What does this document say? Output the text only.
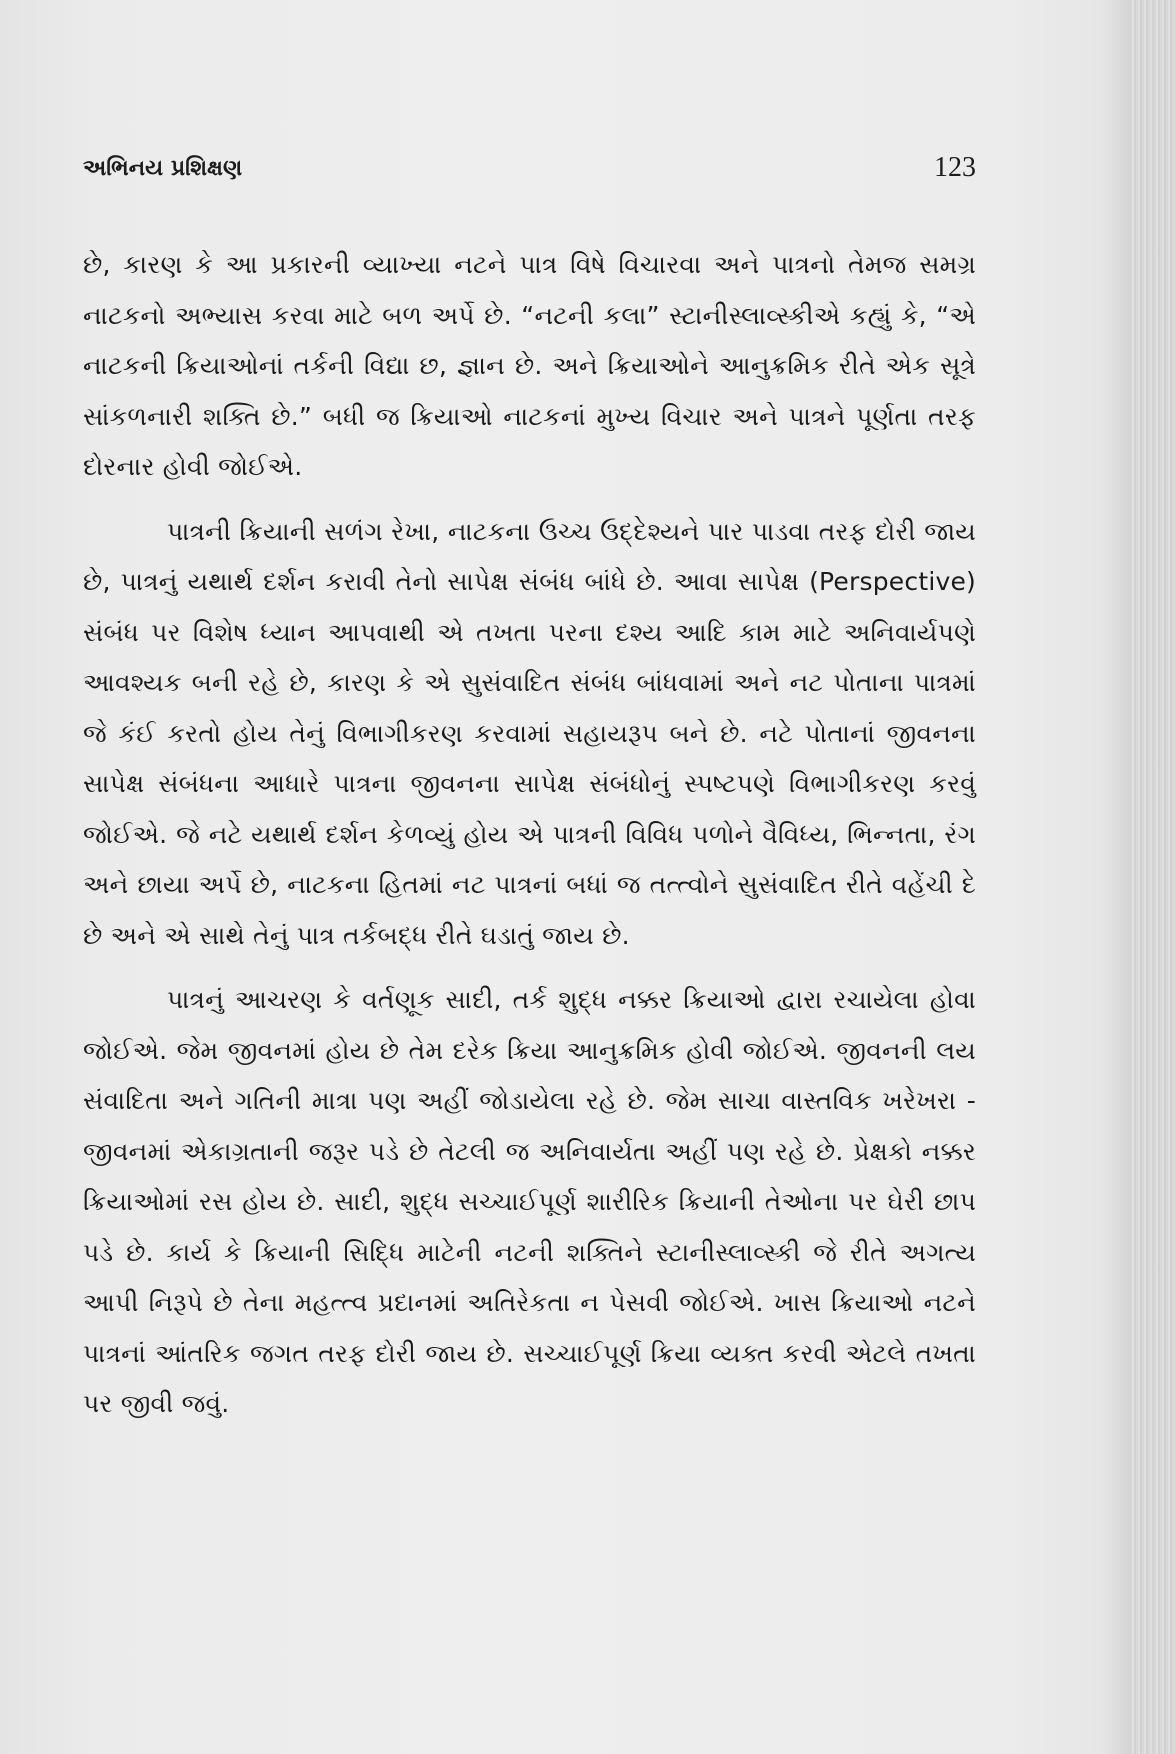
અભિનય પ્રશિક્ષણ	123

છે, કારણ કે આ પ્રકારની વ્યાખ્યા નટને પાત્ર વિષે વિચારવા અને પાત્રનો તેમજ સમગ્ર નાટકનો અભ્યાસ કરવા માટે બળ અર્પે છે. “નટની કલા” સ્ટાનીસ્લાવ્સ્કીએ કહ્યું કે, “એ નાટકની ક્રિયાઓનાં તર્કની વિદ્યા છ, જ્ઞાન છે. અને ક્રિયાઓને આનુક્રમિક રીતે એક સૂત્રે સાંકળનારી શક્તિ છે.” બધી જ ક્રિયાઓ નાટકનાં મુખ્ય વિચાર અને પાત્રને પૂર્ણતા તરફ દોરનાર હોવી જોઈએ.

પાત્રની ક્રિયાની સળંગ રેખા, નાટકના ઉચ્ચ ઉદ્દેશ્યને પાર પાડવા તરફ દોરી જાય છે, પાત્રનું યથાર્થ દર્શન કરાવી તેનો સાપેક્ષ સંબંધ બાંધે છે. આવા સાપેક્ષ (Perspective) સંબંધ પર વિશેષ ધ્યાન આપવાથી એ તખતા પરના દશ્ય આદિ કામ માટે અનિવાર્યપણે આવશ્યક બની રહે છે, કારણ કે એ સુસંવાદિત સંબંધ બાંધવામાં અને નટ પોતાના પાત્રમાં જે કંઈ કરતો હોય તેનું વિભાગીકરણ કરવામાં સહાયરૂપ બને છે. નટે પોતાનાં જીવનના સાપેક્ષ સંબંધના આધારે પાત્રના જીવનના સાપેક્ષ સંબંધોનું સ્પષ્ટપણે વિભાગીકરણ કરવું જોઈએ. જે નટે યથાર્થ દર્શન કેળવ્યું હોય એ પાત્રની વિવિધ પળોને વૈવિધ્ય, ભિન્નતા, રંગ અને છાયા અર્પે છે, નાટકના હિતમાં નટ પાત્રનાં બધાં જ તત્ત્વોને સુસંવાદિત રીતે વહેંચી દે છે અને એ સાથે તેનું પાત્ર તર્કબદ્ધ રીતે ઘડાતું જાય છે.

પાત્રનું આચરણ કે વર્તણૂક સાદી, તર્ક શુદ્ધ નક્કર ક્રિયાઓ દ્વારા રચાયેલા હોવા જોઈએ. જેમ જીવનમાં હોય છે તેમ દરેક ક્રિયા આનુક્રમિક હોવી જોઈએ. જીવનની લય સંવાદિતા અને ગતિની માત્રા પણ અહીં જોડાયેલા રહે છે. જેમ સાચા વાસ્તવિક ખરેખરા - જીવનમાં એકાગ્રતાની જરૂર પડે છે તેટલી જ અનિવાર્યતા અહીં પણ રહે છે. પ્રેક્ષકો નક્કર ક્રિયાઓમાં રસ હોય છે. સાદી, શુદ્ધ સચ્ચાઈપૂર્ણ શારીરિક ક્રિયાની તેઓના પર ઘેરી છાપ પડે છે. કાર્ય કે ક્રિયાની સિદ્ધિ માટેની નટની શક્તિને સ્ટાનીસ્લાવ્સ્કી જે રીતે અગત્ય આપી નિરૂપે છે તેના મહત્ત્વ પ્રદાનમાં અતિરેકતા ન પેસવી જોઈએ. ખાસ ક્રિયાઓ નટને પાત્રનાં આંતરિક જગત તરફ દોરી જાય છે. સચ્ચાઈપૂર્ણ ક્રિયા વ્યક્ત કરવી એટલે તખતા પર જીવી જવું.
